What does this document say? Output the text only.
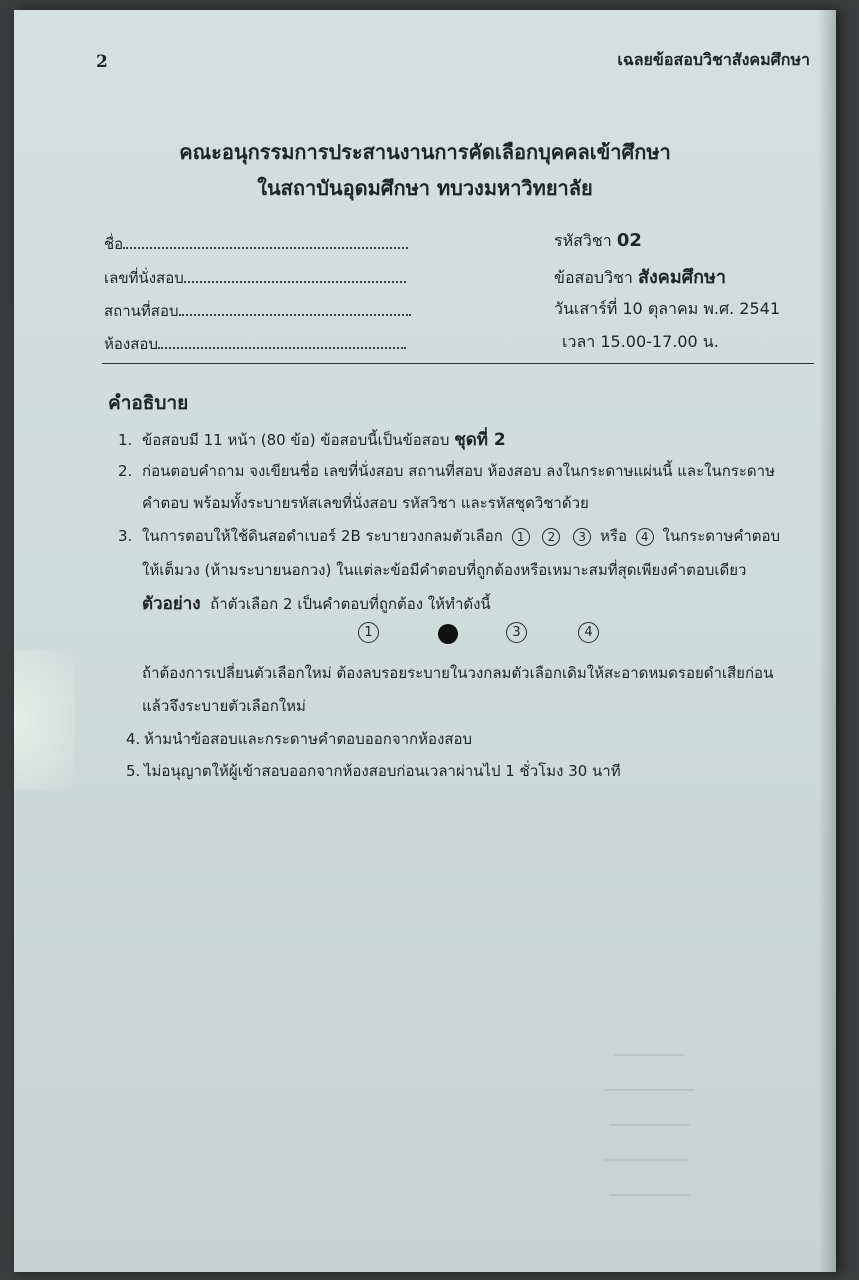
2	เฉลยข้อสอบวิชาสังคมศึกษา
คณะอนุกรรมการประสานงานการคัดเลือกบุคคลเข้าศึกษา
ในสถาบันอุดมศึกษา ทบวงมหาวิทยาลัย
ชื่อ
เลขที่นั่งสอบ
สถานที่สอบ
ห้องสอบ
รหัสวิชา 02
ข้อสอบวิชา สังคมศึกษา
วันเสาร์ที่ 10 ตุลาคม พ.ศ. 2541
เวลา 15.00-17.00 น.
คำอธิบาย
1. ข้อสอบมี 11 หน้า (80 ข้อ) ข้อสอบนี้เป็นข้อสอบ ชุดที่ 2
2. ก่อนตอบคำถาม จงเขียนชื่อ เลขที่นั่งสอบ สถานที่สอบ ห้องสอบ ลงในกระดาษแผ่นนี้ และในกระดาษ
คำตอบ พร้อมทั้งระบายรหัสเลขที่นั่งสอบ รหัสวิชา และรหัสชุดวิชาด้วย
3. ในการตอบให้ใช้ดินสอดำเบอร์ 2B ระบายวงกลมตัวเลือก 1 2 3 หรือ 4 ในกระดาษคำตอบ
ให้เต็มวง (ห้ามระบายนอกวง) ในแต่ละข้อมีคำตอบที่ถูกต้องหรือเหมาะสมที่สุดเพียงคำตอบเดียว
ตัวอย่าง ถ้าตัวเลือก 2 เป็นคำตอบที่ถูกต้อง ให้ทำดังนี้
1	3	4
ถ้าต้องการเปลี่ยนตัวเลือกใหม่ ต้องลบรอยระบายในวงกลมตัวเลือกเดิมให้สะอาดหมดรอยดำเสียก่อน
แล้วจึงระบายตัวเลือกใหม่
4. ห้ามนำข้อสอบและกระดาษคำตอบออกจากห้องสอบ
5. ไม่อนุญาตให้ผู้เข้าสอบออกจากห้องสอบก่อนเวลาผ่านไป 1 ชั่วโมง 30 นาที
